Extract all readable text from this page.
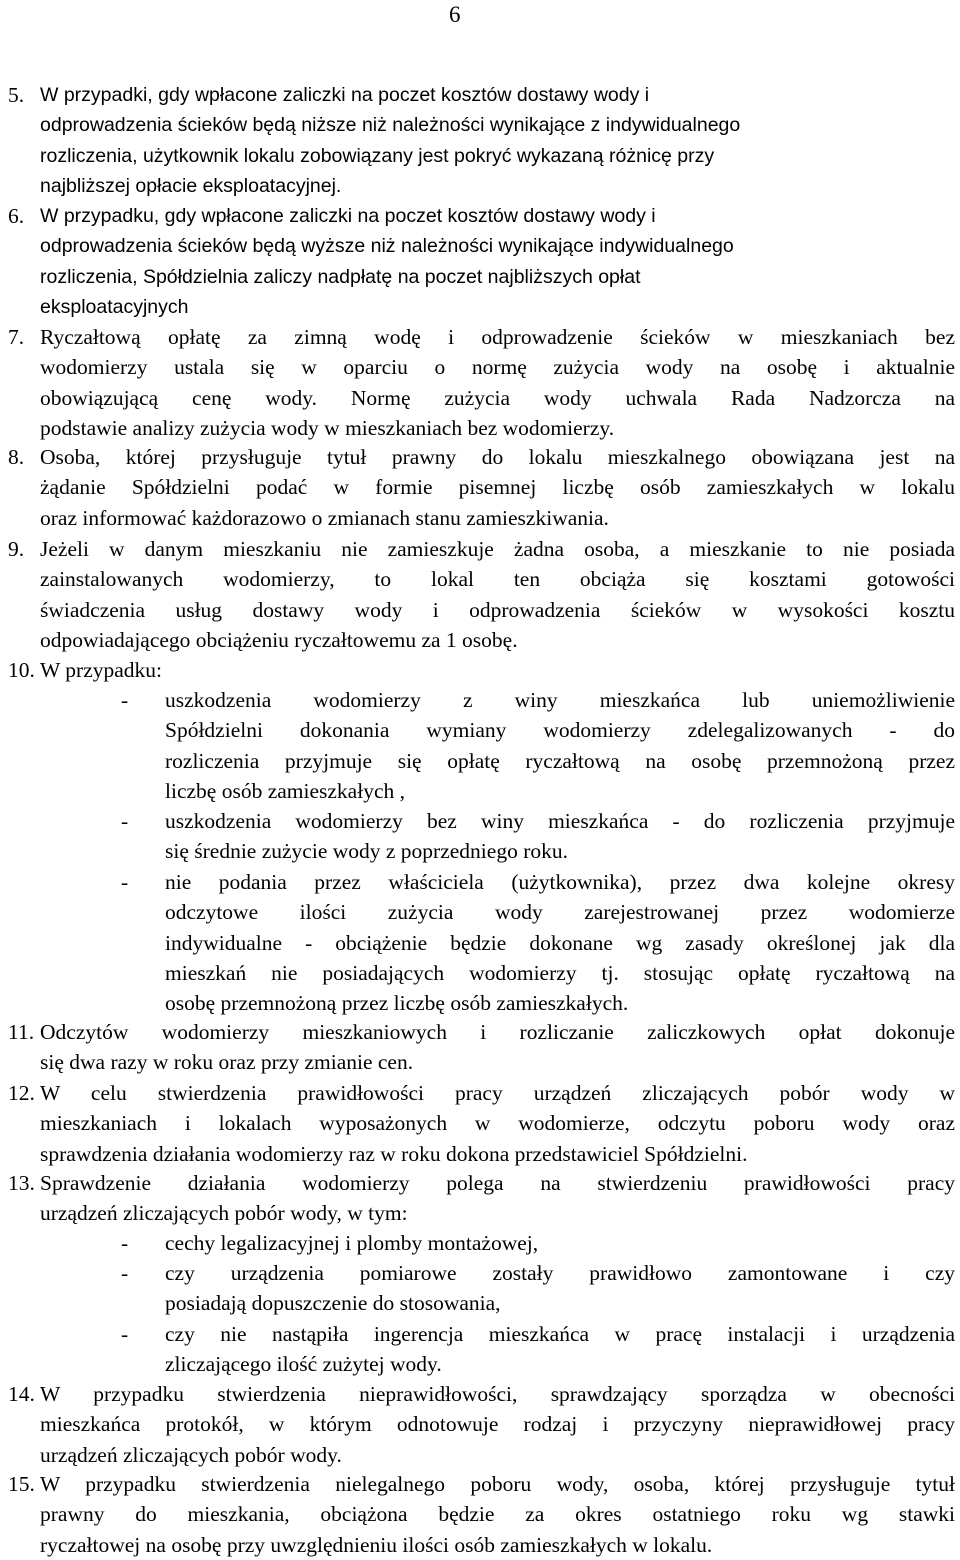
6
5. W przypadki, gdy wpłacone zaliczki na poczet kosztów dostawy wody i
odprowadzenia ścieków będą niższe niż należności wynikające z indywidualnego
rozliczenia, użytkownik lokalu zobowiązany jest pokryć wykazaną różnicę przy
najbliższej opłacie eksploatacyjnej.
6. W przypadku, gdy wpłacone zaliczki na poczet kosztów dostawy wody i
odprowadzenia ścieków będą wyższe niż należności wynikające indywidualnego
rozliczenia, Spółdzielnia zaliczy nadpłatę na poczet najbliższych opłat
eksploatacyjnych
7. Ryczałtową opłatę za zimną wodę i odprowadzenie ścieków w mieszkaniach bez
wodomierzy ustala się w oparciu o normę zużycia wody na osobę i aktualnie
obowiązującą cenę wody. Normę zużycia wody uchwala Rada Nadzorcza na
podstawie analizy zużycia wody w mieszkaniach bez wodomierzy.
8. Osoba, której przysługuje tytuł prawny do lokalu mieszkalnego obowiązana jest na
żądanie Spółdzielni podać w formie pisemnej liczbę osób zamieszkałych w lokalu
oraz informować każdorazowo o zmianach stanu zamieszkiwania.
9. Jeżeli w danym mieszkaniu nie zamieszkuje żadna osoba, a mieszkanie to nie posiada
zainstalowanych wodomierzy, to lokal ten obciąża się kosztami gotowości
świadczenia usług dostawy wody i odprowadzenia ścieków w wysokości kosztu
odpowiadającego obciążeniu ryczałtowemu za 1 osobę.
10. W przypadku:
11. Odczytów wodomierzy mieszkaniowych i rozliczanie zaliczkowych opłat dokonuje
się dwa razy w roku oraz przy zmianie cen.
12. W celu stwierdzenia prawidłowości pracy urządzeń zliczających pobór wody w
mieszkaniach i lokalach wyposażonych w wodomierze, odczytu poboru wody oraz
sprawdzenia działania wodomierzy raz w roku dokona przedstawiciel Spółdzielni.
13. Sprawdzenie działania wodomierzy polega na stwierdzeniu prawidłowości pracy
urządzeń zliczających pobór wody, w tym:
14. W przypadku stwierdzenia nieprawidłowości, sprawdzający sporządza w obecności
mieszkańca protokół, w którym odnotowuje rodzaj i przyczyny nieprawidłowej pracy
urządzeń zliczających pobór wody.
15. W przypadku stwierdzenia nielegalnego poboru wody, osoba, której przysługuje tytuł
prawny do mieszkania, obciążona będzie za okres ostatniego roku wg stawki
ryczałtowej na osobę przy uwzględnieniu ilości osób zamieszkałych w lokalu.
- uszkodzenia wodomierzy z winy mieszkańca lub uniemożliwienie
Spółdzielni dokonania wymiany wodomierzy zdelegalizowanych - do
rozliczenia przyjmuje się opłatę ryczałtową na osobę przemnożoną przez
liczbę osób zamieszkałych ,
- uszkodzenia wodomierzy bez winy mieszkańca - do rozliczenia przyjmuje
się średnie zużycie wody z poprzedniego roku.
- nie podania przez właściciela (użytkownika), przez dwa kolejne okresy
odczytowe ilości zużycia wody zarejestrowanej przez wodomierze
indywidualne - obciążenie będzie dokonane wg zasady określonej jak dla
mieszkań nie posiadających wodomierzy tj. stosując opłatę ryczałtową na
osobę przemnożoną przez liczbę osób zamieszkałych.
- cechy legalizacyjnej i plomby montażowej,
- czy urządzenia pomiarowe zostały prawidłowo zamontowane i czy
posiadają dopuszczenie do stosowania,
- czy nie nastąpiła ingerencja mieszkańca w pracę instalacji i urządzenia
zliczającego ilość zużytej wody.
